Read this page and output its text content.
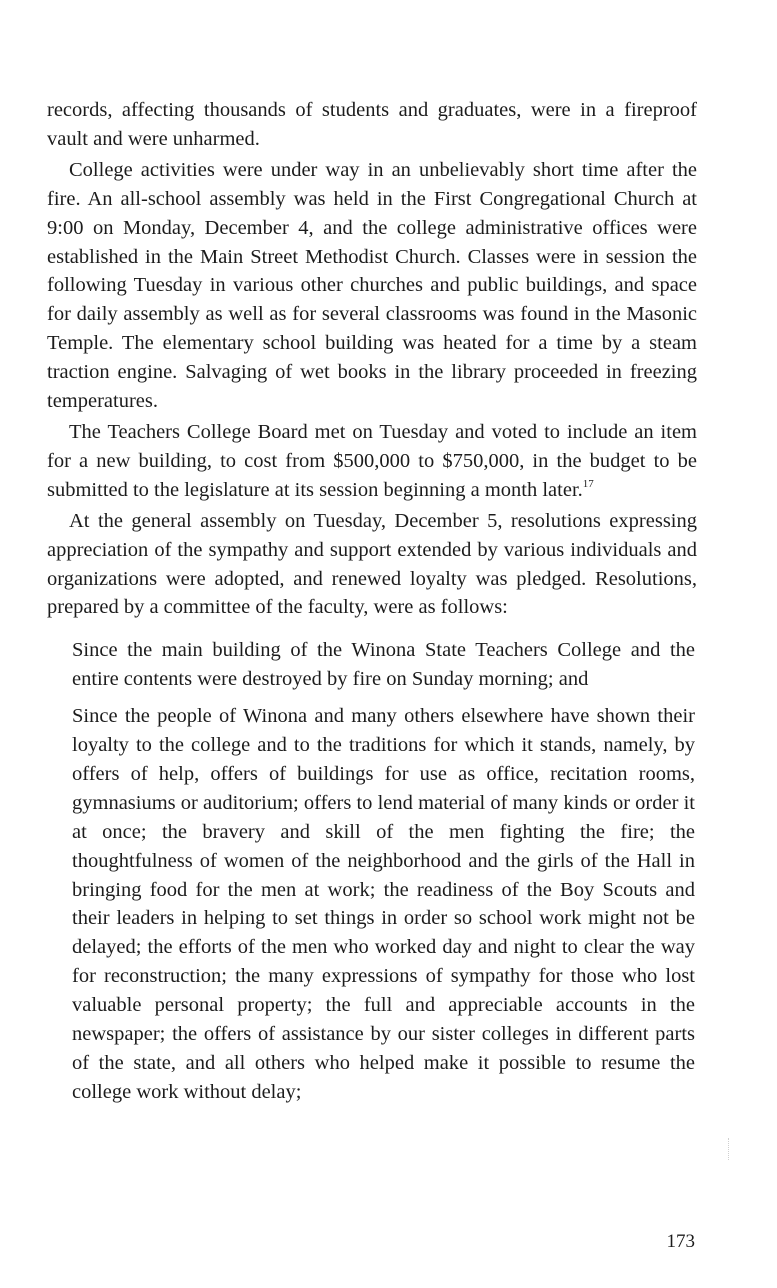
records, affecting thousands of students and graduates, were in a fireproof vault and were unharmed.

College activities were under way in an unbelievably short time after the fire. An all-school assembly was held in the First Congregational Church at 9:00 on Monday, December 4, and the college administrative offices were established in the Main Street Methodist Church. Classes were in session the following Tuesday in various other churches and public buildings, and space for daily assembly as well as for several classrooms was found in the Masonic Temple. The elementary school building was heated for a time by a steam traction engine. Salvaging of wet books in the library proceeded in freezing temperatures.

The Teachers College Board met on Tuesday and voted to include an item for a new building, to cost from $500,000 to $750,000, in the budget to be submitted to the legislature at its session beginning a month later.$^{17}$

At the general assembly on Tuesday, December 5, resolutions expressing appreciation of the sympathy and support extended by various individuals and organizations were adopted, and renewed loyalty was pledged. Resolutions, prepared by a committee of the faculty, were as follows:

Since the main building of the Winona State Teachers College and the entire contents were destroyed by fire on Sunday morning; and

Since the people of Winona and many others elsewhere have shown their loyalty to the college and to the traditions for which it stands, namely, by offers of help, offers of buildings for use as office, recitation rooms, gymnasiums or auditorium; offers to lend material of many kinds or order it at once; the bravery and skill of the men fighting the fire; the thoughtfulness of women of the neighborhood and the girls of the Hall in bringing food for the men at work; the readiness of the Boy Scouts and their leaders in helping to set things in order so school work might not be delayed; the efforts of the men who worked day and night to clear the way for reconstruction; the many expressions of sympathy for those who lost valuable personal property; the full and appreciable accounts in the newspaper; the offers of assistance by our sister colleges in different parts of the state, and all others who helped make it possible to resume the college work without delay;

173
